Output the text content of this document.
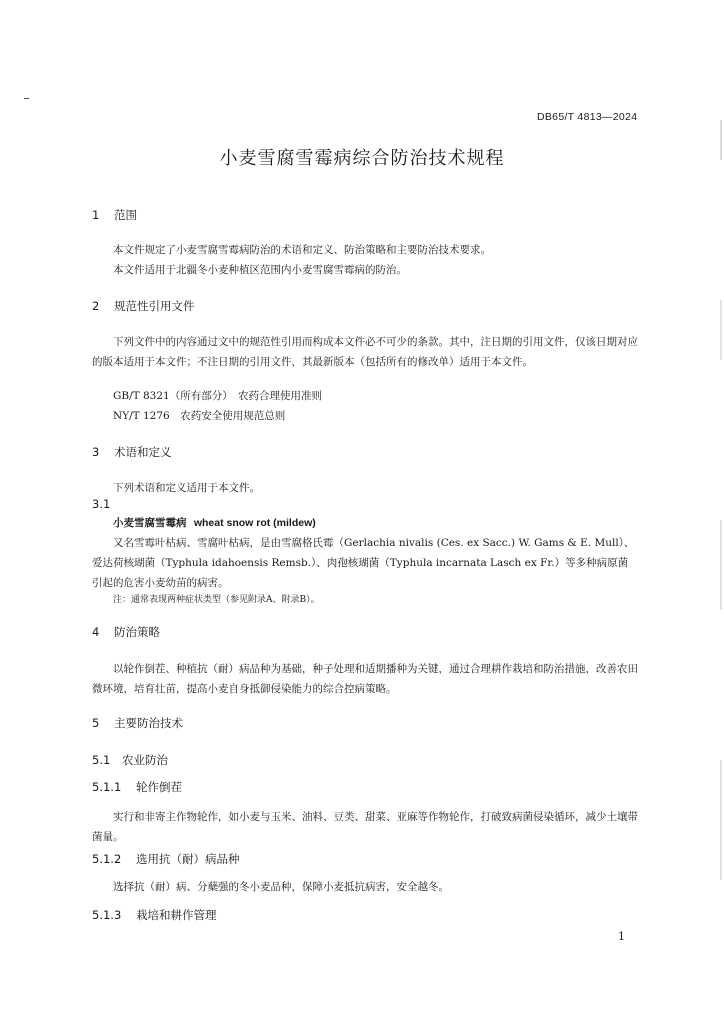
DB65/T 4813—2024
小麦雪腐雪霉病综合防治技术规程
1 范围
本文件规定了小麦雪腐雪霉病防治的术语和定义、防治策略和主要防治技术要求。
本文件适用于北疆冬小麦种植区范围内小麦雪腐雪霉病的防治。
2 规范性引用文件
下列文件中的内容通过文中的规范性引用而构成本文件必不可少的条款。其中，注日期的引用文件，仅该日期对应的版本适用于本文件；不注日期的引用文件，其最新版本（包括所有的修改单）适用于本文件。
GB/T 8321（所有部分）　农药合理使用准则
NY/T 1276　农药安全使用规范总则
3 术语和定义
下列术语和定义适用于本文件。
3.1
小麦雪腐雪霉病 wheat snow rot (mildew)
又名雪霉叶枯病、雪腐叶枯病，是由雪腐格氏霉（Gerlachia nivalis (Ces. ex Sacc.) W. Gams & E. Mull）、爱达荷核瑚菌（Typhula idahoensis Remsb.）、肉孢核瑚菌（Typhula incarnata Lasch ex Fr.）等多种病原菌引起的危害小麦幼苗的病害。
注：通常表现两种症状类型（参见附录A、附录B）。
4 防治策略
以轮作倒茬、种植抗（耐）病品种为基础，种子处理和适期播种为关键，通过合理耕作栽培和防治措施，改善农田微环境，培育壮苗，提高小麦自身抵御侵染能力的综合控病策略。
5 主要防治技术
5.1 农业防治
5.1.1 轮作倒茬
实行和非寄主作物轮作，如小麦与玉米、油料、豆类、甜菜、亚麻等作物轮作，打破致病菌侵染循环，减少土壤带菌量。
5.1.2 选用抗（耐）病品种
选择抗（耐）病、分蘖强的冬小麦品种，保障小麦抵抗病害，安全越冬。
5.1.3 栽培和耕作管理
1
